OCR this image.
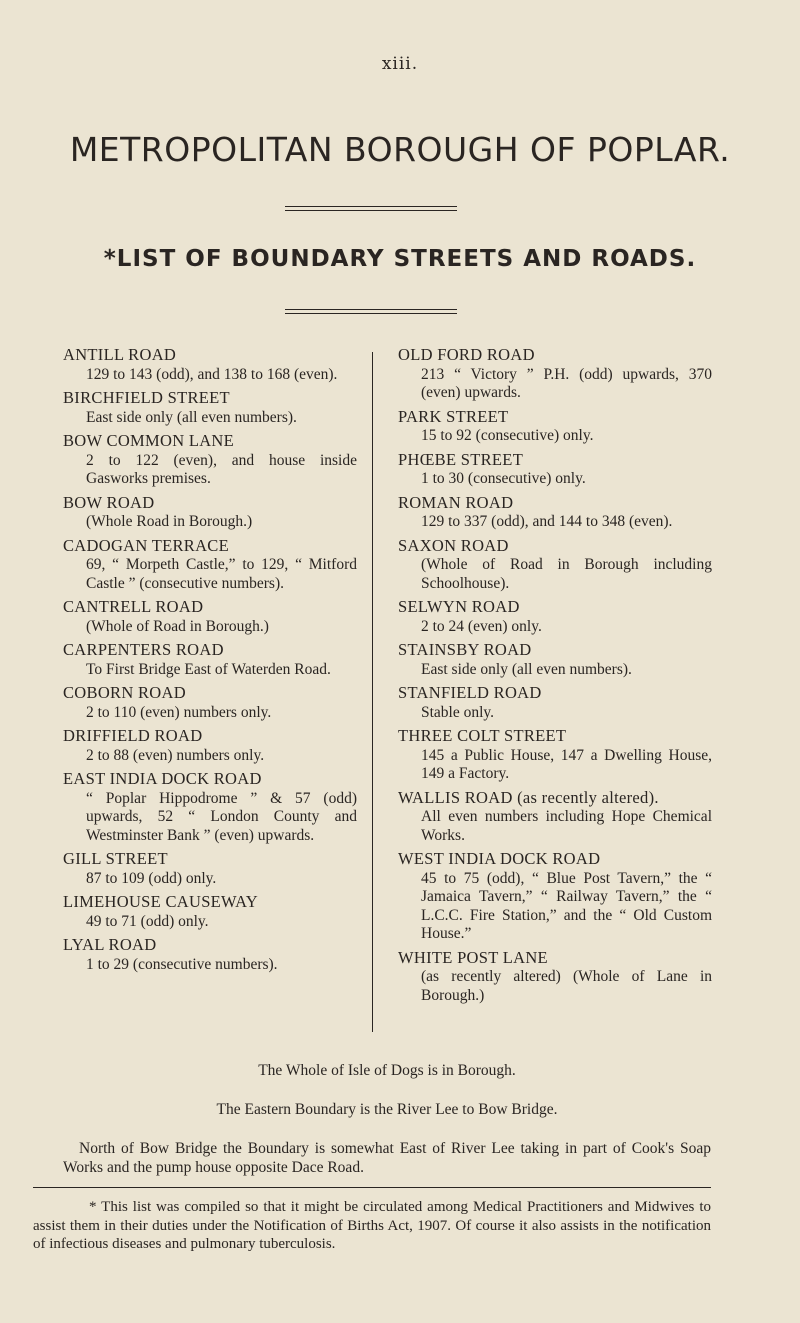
xiii.
METROPOLITAN BOROUGH OF POPLAR.
*LIST OF BOUNDARY STREETS AND ROADS.
ANTILL ROAD
129 to 143 (odd), and 138 to 168 (even).
BIRCHFIELD STREET
East side only (all even numbers).
BOW COMMON LANE
2 to 122 (even), and house inside Gasworks premises.
BOW ROAD
(Whole Road in Borough.)
CADOGAN TERRACE
69, “ Morpeth Castle,” to 129, “ Mitford Castle ” (consecutive numbers).
CANTRELL ROAD
(Whole of Road in Borough.)
CARPENTERS ROAD
To First Bridge East of Waterden Road.
COBORN ROAD
2 to 110 (even) numbers only.
DRIFFIELD ROAD
2 to 88 (even) numbers only.
EAST INDIA DOCK ROAD
“ Poplar Hippodrome ” & 57 (odd) upwards, 52 “ London County and Westminster Bank ” (even) upwards.
GILL STREET
87 to 109 (odd) only.
LIMEHOUSE CAUSEWAY
49 to 71 (odd) only.
LYAL ROAD
1 to 29 (consecutive numbers).
OLD FORD ROAD
213 “ Victory ” P.H. (odd) upwards, 370 (even) upwards.
PARK STREET
15 to 92 (consecutive) only.
PHŒBE STREET
1 to 30 (consecutive) only.
ROMAN ROAD
129 to 337 (odd), and 144 to 348 (even).
SAXON ROAD
(Whole of Road in Borough including Schoolhouse).
SELWYN ROAD
2 to 24 (even) only.
STAINSBY ROAD
East side only (all even numbers).
STANFIELD ROAD
Stable only.
THREE COLT STREET
145 a Public House, 147 a Dwelling House, 149 a Factory.
WALLIS ROAD (as recently altered).
All even numbers including Hope Chemical Works.
WEST INDIA DOCK ROAD
45 to 75 (odd), “ Blue Post Tavern,” the “ Jamaica Tavern,” “ Railway Tavern,” the “ L.C.C. Fire Station,” and the “ Old Custom House.”
WHITE POST LANE
(as recently altered) (Whole of Lane in Borough.)
The Whole of Isle of Dogs is in Borough.
The Eastern Boundary is the River Lee to Bow Bridge.
North of Bow Bridge the Boundary is somewhat East of River Lee taking in part of Cook's Soap Works and the pump house opposite Dace Road.
* This list was compiled so that it might be circulated among Medical Practitioners and Midwives to assist them in their duties under the Notification of Births Act, 1907. Of course it also assists in the notification of infectious diseases and pulmonary tuberculosis.
